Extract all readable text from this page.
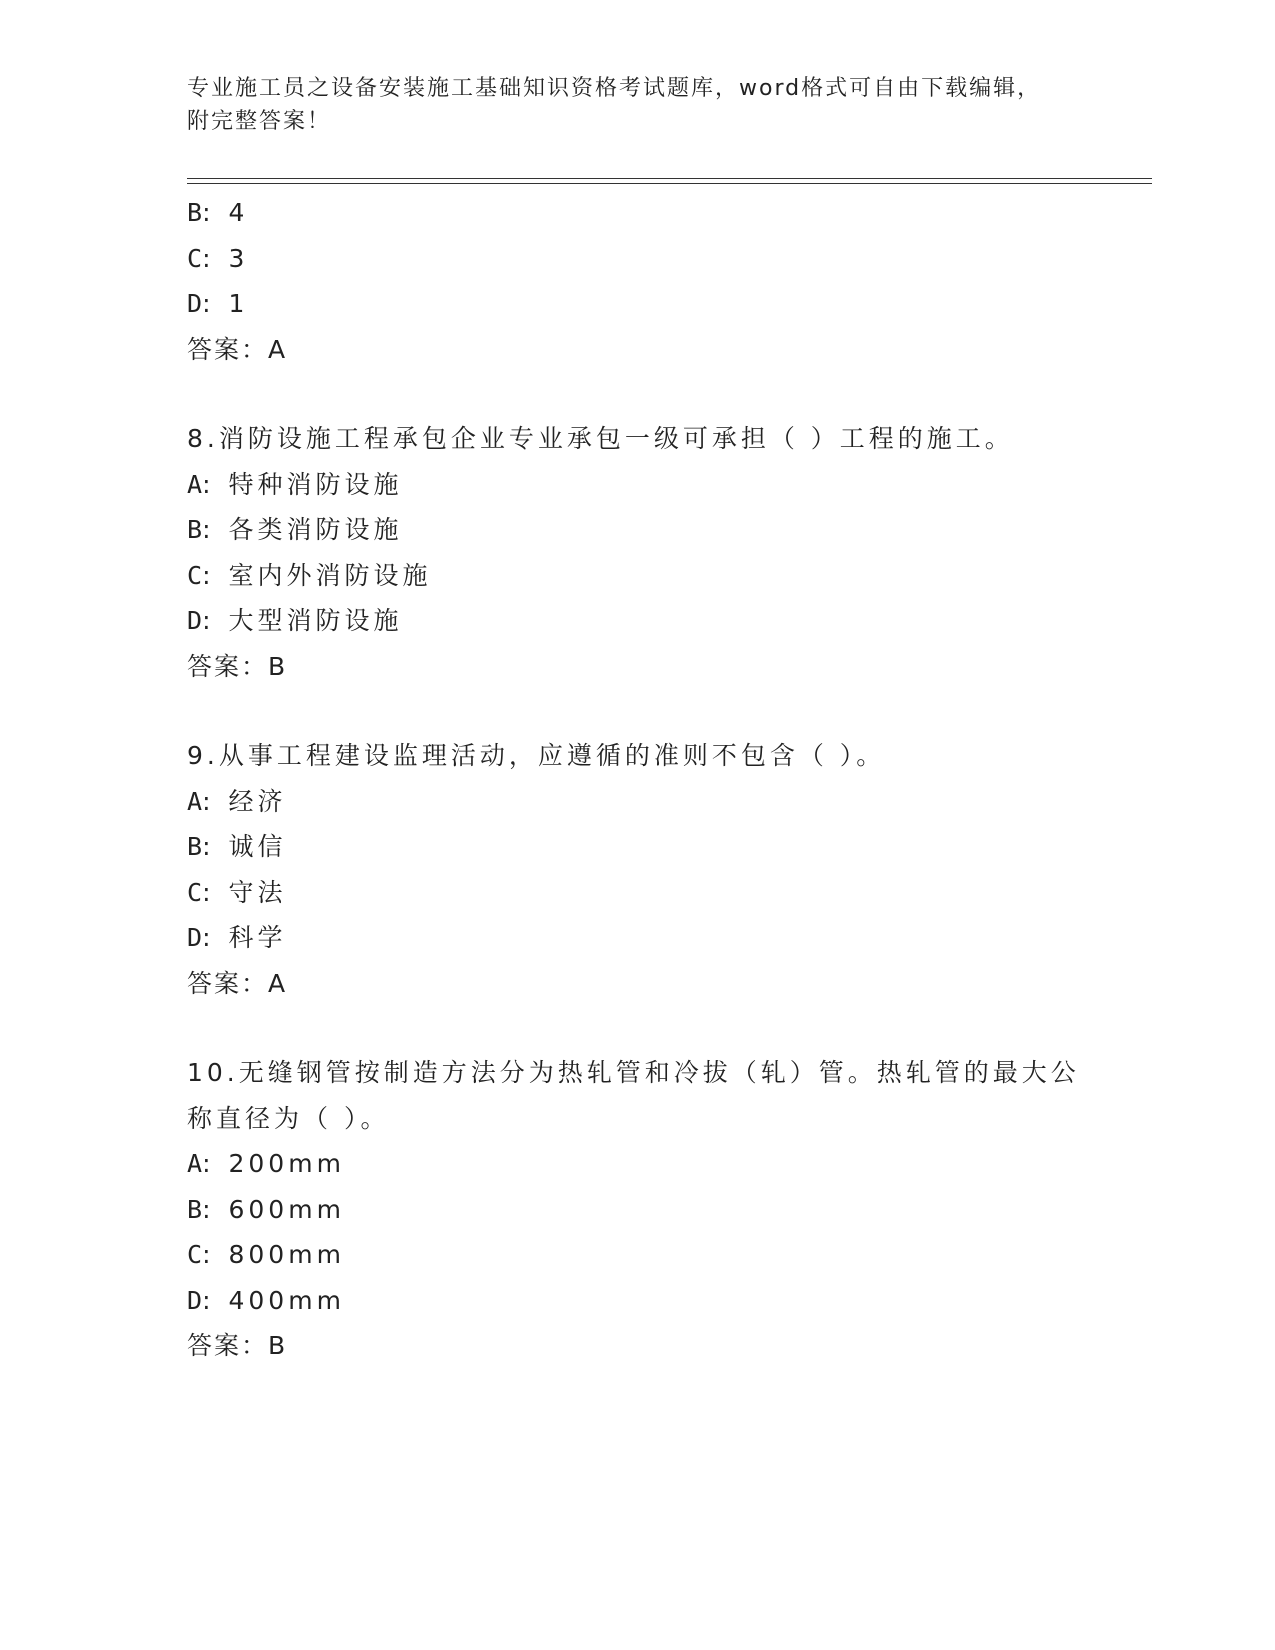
专业施工员之设备安装施工基础知识资格考试题库，word格式可自由下载编辑，
附完整答案！
B: 4
C: 3
D: 1
答案：A
8.消防设施工程承包企业专业承包一级可承担（ ）工程的施工。
A: 特种消防设施
B: 各类消防设施
C: 室内外消防设施
D: 大型消防设施
答案：B
9.从事工程建设监理活动，应遵循的准则不包含（ ）。
A: 经济
B: 诚信
C: 守法
D: 科学
答案：A
10.无缝钢管按制造方法分为热轧管和冷拔（轧）管。热轧管的最大公
称直径为（ ）。
A: 200mm
B: 600mm
C: 800mm
D: 400mm
答案：B
